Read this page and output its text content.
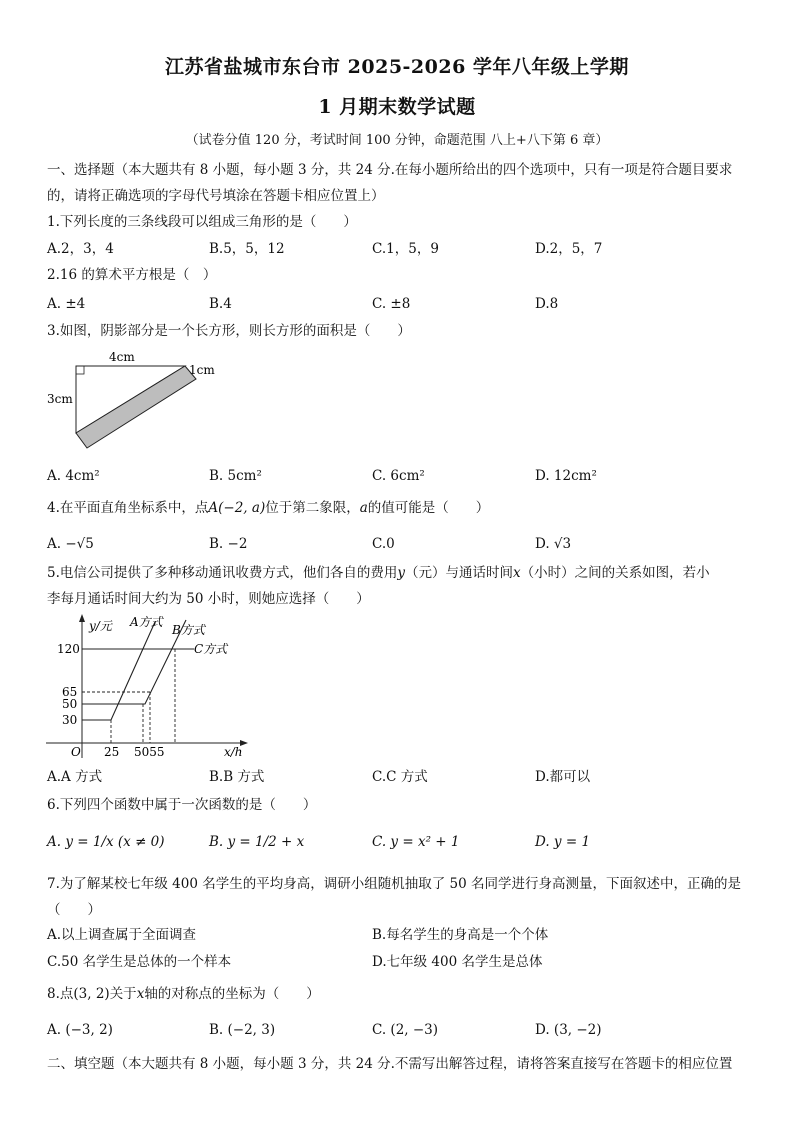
江苏省盐城市东台市 2025-2026 学年八年级上学期
1 月期末数学试题
（试卷分值 120 分，考试时间 100 分钟，命题范围 八上+八下第 6 章）
一、选择题（本大题共有 8 小题，每小题 3 分，共 24 分.在每小题所给出的四个选项中，只有一项是符合题目要求的，请将正确选项的字母代号填涂在答题卡相应位置上）
1.下列长度的三条线段可以组成三角形的是（　　）
A.2，3，4	B.5，5，12	C.1，5，9	D.2，5，7
2.16 的算术平方根是（　）
A. ±4	B.4	C. ±8	D.8
3.如图，阴影部分是一个长方形，则长方形的面积是（　　）
4cm
3cm
1cm
A. 4cm²	B. 5cm²	C. 6cm²	D. 12cm²
4.在平面直角坐标系中，点A(−2, a)位于第二象限，a的值可能是（　　）
A. −√5	B. −2	C.0	D. √3
5.电信公司提供了多种移动通讯收费方式，他们各自的费用y（元）与通话时间x（小时）之间的关系如图，若小
李每月通话时间大约为 50 小时，则她应选择（　　）
y/元
x/h
O
120
65
50
30
25 5055
A方式
B方式
C方式
A.A 方式	B.B 方式	C.C 方式	D.都可以
6.下列四个函数中属于一次函数的是（　　）
A. y = 1/x (x ≠ 0)	B. y = 1/2 + x	C. y = x² + 1	D. y = 1
7.为了解某校七年级 400 名学生的平均身高，调研小组随机抽取了 50 名同学进行身高测量，下面叙述中，正确的是（　　）
A.以上调查属于全面调查	B.每名学生的身高是一个个体
C.50 名学生是总体的一个样本	D.七年级 400 名学生是总体
8.点(3, 2)关于x轴的对称点的坐标为（　　）
A. (−3, 2)	B. (−2, 3)	C. (2, −3)	D. (3, −2)
二、填空题（本大题共有 8 小题，每小题 3 分，共 24 分.不需写出解答过程，请将答案直接写在答题卡的相应位置
